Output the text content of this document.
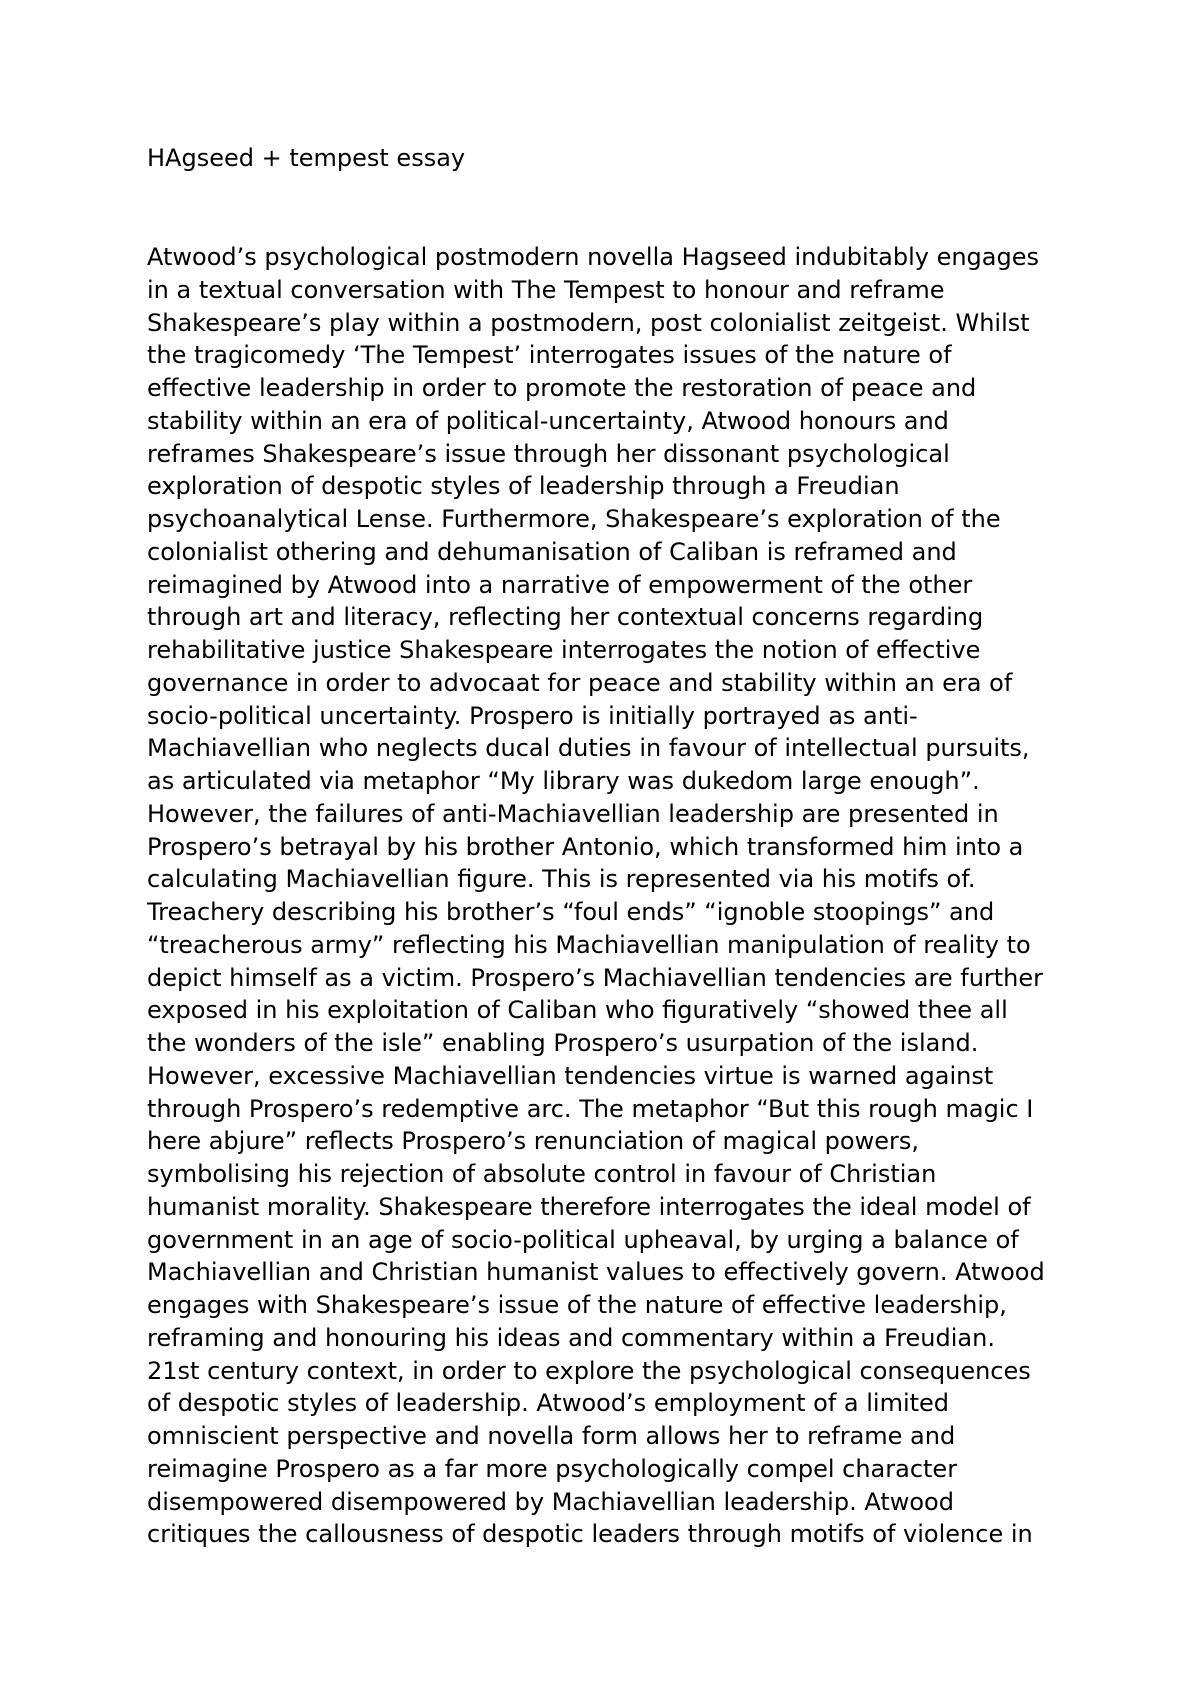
HAgseed + tempest essay
Atwood’s psychological postmodern novella Hagseed indubitably engages
in a textual conversation with The Tempest to honour and reframe
Shakespeare’s play within a postmodern, post colonialist zeitgeist. Whilst
the tragicomedy ‘The Tempest’ interrogates issues of the nature of
effective leadership in order to promote the restoration of peace and
stability within an era of political-uncertainty, Atwood honours and
reframes Shakespeare’s issue through her dissonant psychological
exploration of despotic styles of leadership through a Freudian
psychoanalytical Lense. Furthermore, Shakespeare’s exploration of the
colonialist othering and dehumanisation of Caliban is reframed and
reimagined by Atwood into a narrative of empowerment of the other
through art and literacy, reflecting her contextual concerns regarding
rehabilitative justice Shakespeare interrogates the notion of effective
governance in order to advocaat for peace and stability within an era of
socio-political uncertainty. Prospero is initially portrayed as anti-
Machiavellian who neglects ducal duties in favour of intellectual pursuits,
as articulated via metaphor “My library was dukedom large enough”.
However, the failures of anti-Machiavellian leadership are presented in
Prospero’s betrayal by his brother Antonio, which transformed him into a
calculating Machiavellian figure. This is represented via his motifs of.
Treachery describing his brother’s “foul ends” “ignoble stoopings” and
“treacherous army” reflecting his Machiavellian manipulation of reality to
depict himself as a victim. Prospero’s Machiavellian tendencies are further
exposed in his exploitation of Caliban who figuratively “showed thee all
the wonders of the isle” enabling Prospero’s usurpation of the island.
However, excessive Machiavellian tendencies virtue is warned against
through Prospero’s redemptive arc. The metaphor “But this rough magic I
here abjure” reflects Prospero’s renunciation of magical powers,
symbolising his rejection of absolute control in favour of Christian
humanist morality. Shakespeare therefore interrogates the ideal model of
government in an age of socio-political upheaval, by urging a balance of
Machiavellian and Christian humanist values to effectively govern. Atwood
engages with Shakespeare’s issue of the nature of effective leadership,
reframing and honouring his ideas and commentary within a Freudian.
21st century context, in order to explore the psychological consequences
of despotic styles of leadership. Atwood’s employment of a limited
omniscient perspective and novella form allows her to reframe and
reimagine Prospero as a far more psychologically compel character
disempowered disempowered by Machiavellian leadership. Atwood
critiques the callousness of despotic leaders through motifs of violence in
